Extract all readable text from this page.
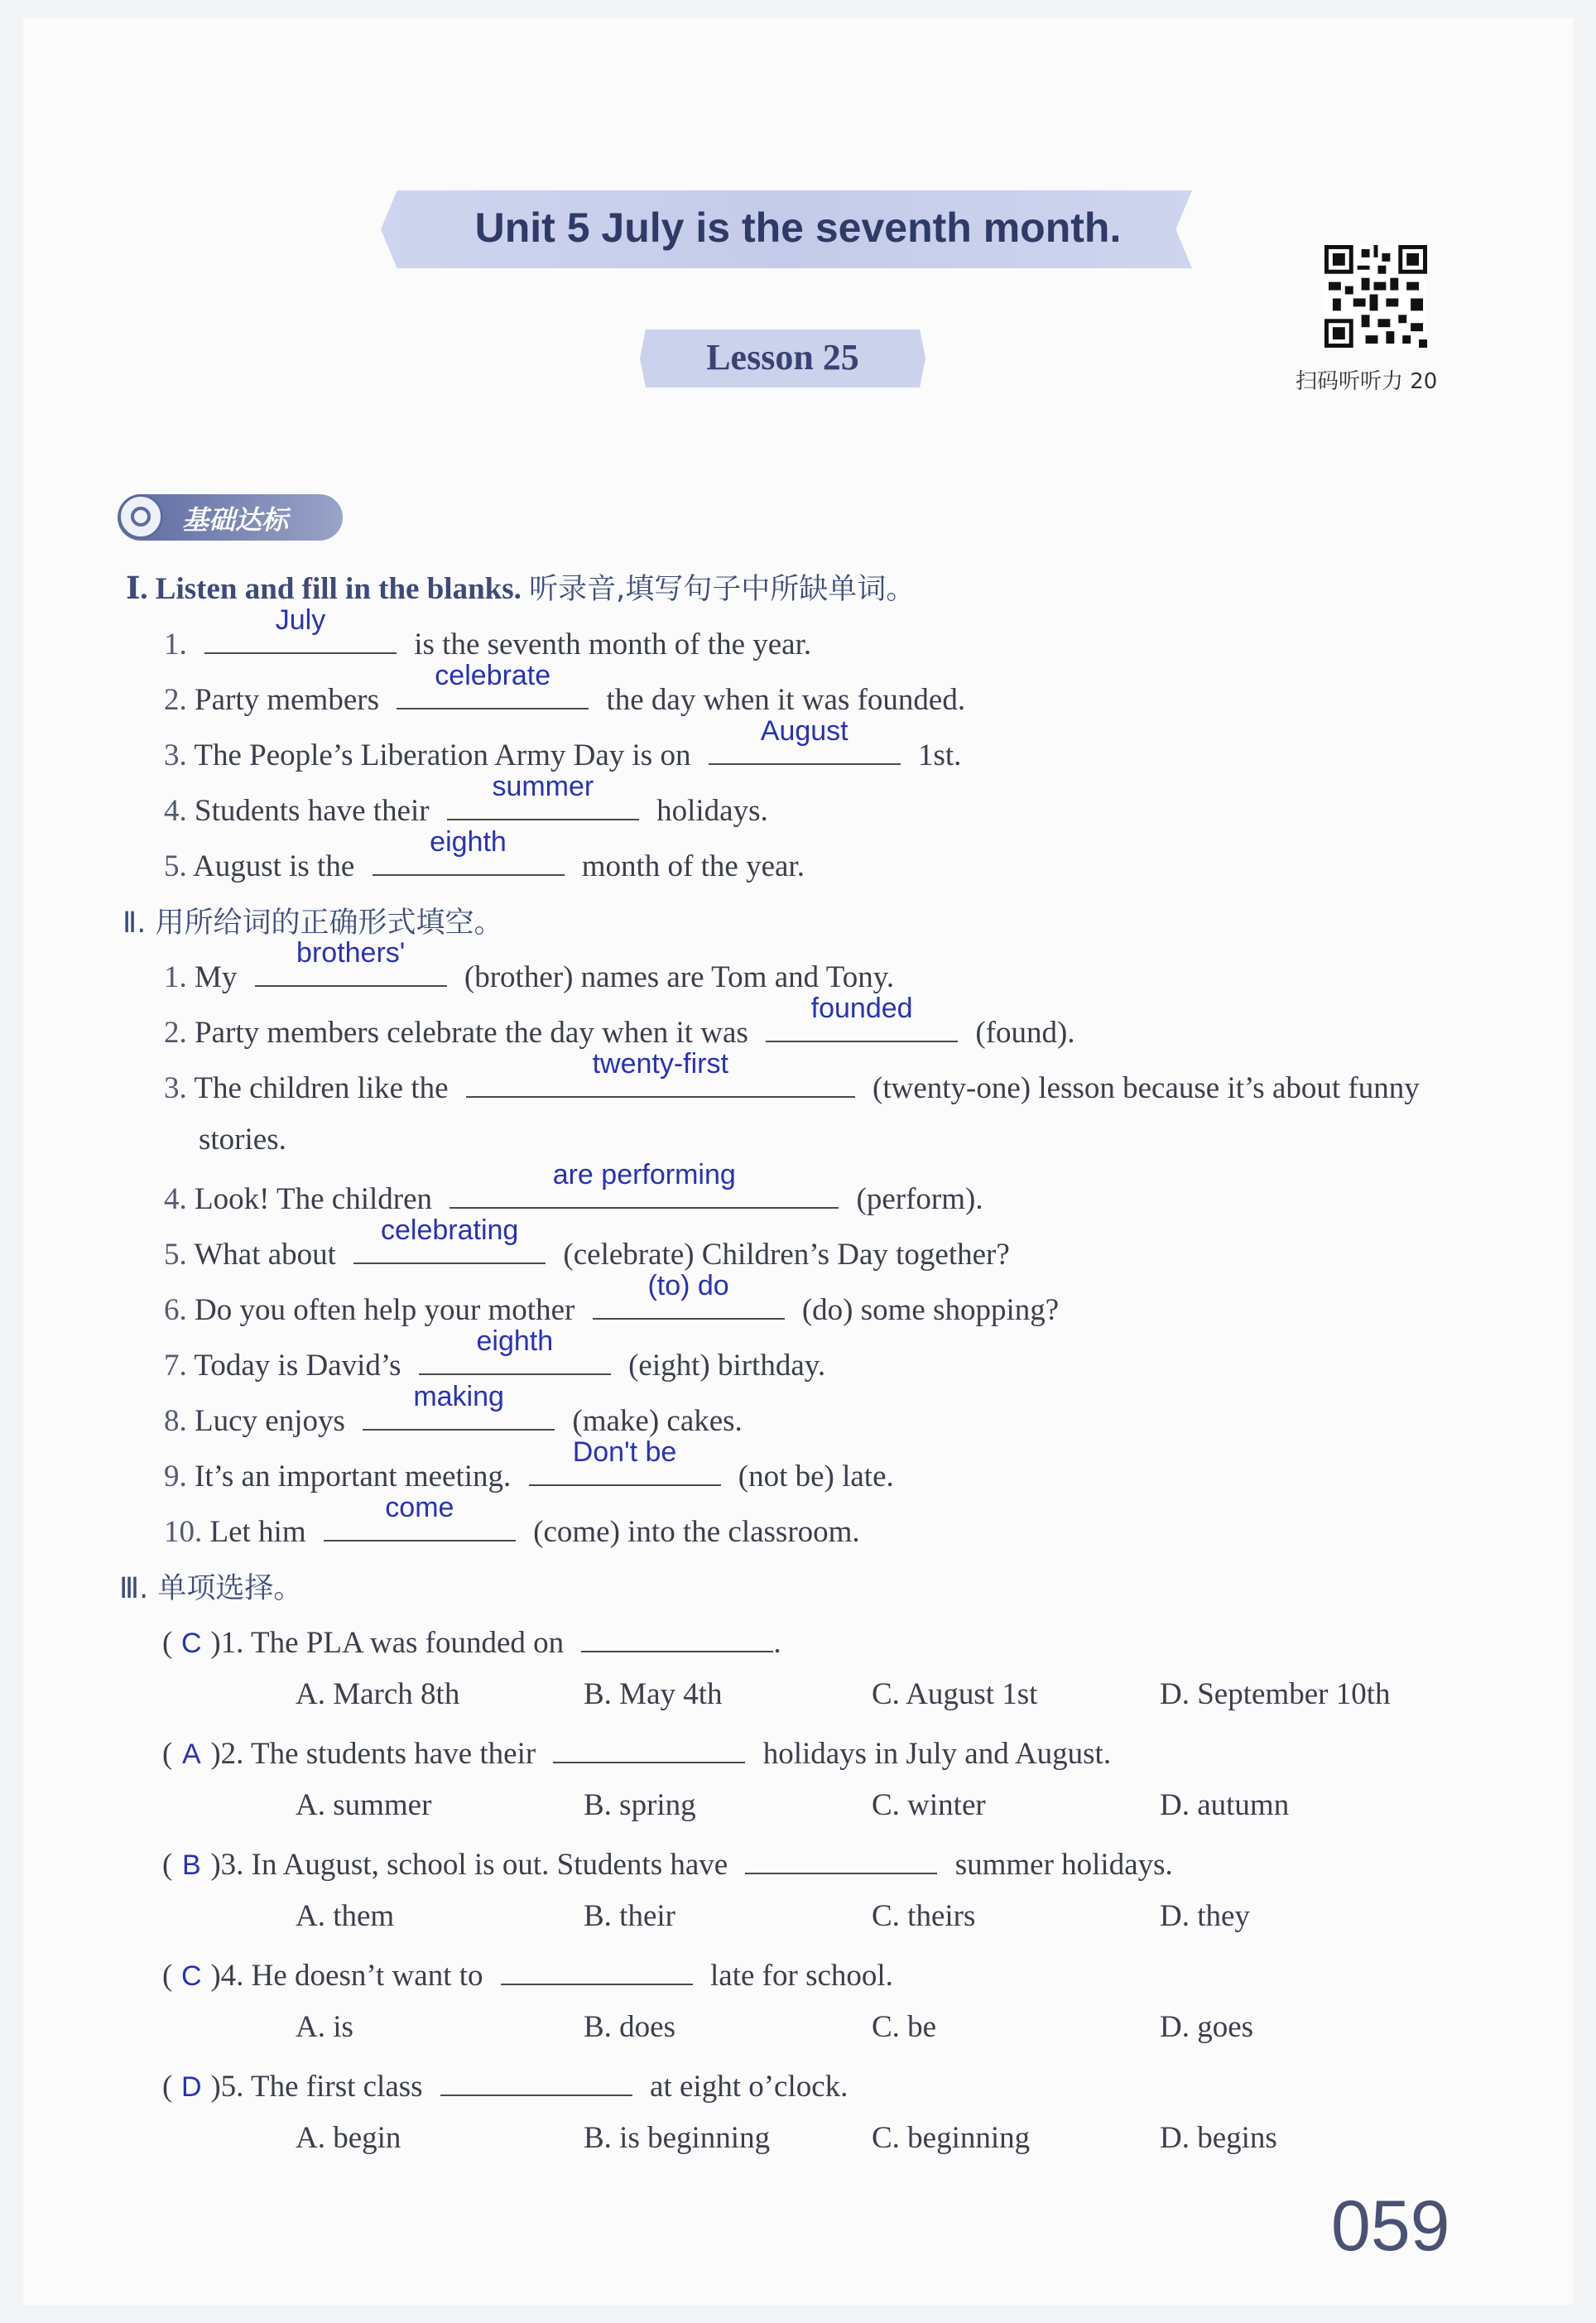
Unit 5 July is the seventh month.
Lesson 25
扫码听听力 20
基础达标
Ⅰ. Listen and fill in the blanks. 听录音,填写句子中所缺单词。
1.
July
is the seventh month of the year.
2. Party members
celebrate
the day when it was founded.
3. The People’s Liberation Army Day is on
August
1st.
4. Students have their
summer
holidays.
5. August is the
eighth
month of the year.
Ⅱ. 用所给词的正确形式填空。
1. My
brothers'
(brother) names are Tom and Tony.
2. Party members celebrate the day when it was
founded
(found).
3. The children like the
twenty-first
(twenty-one) lesson because it’s about funny
stories.
4. Look! The children
are performing
(perform).
5. What about
celebrating
(celebrate) Children’s Day together?
6. Do you often help your mother
(to) do
(do) some shopping?
7. Today is David’s
eighth
(eight) birthday.
8. Lucy enjoys
making
(make) cakes.
9. It’s an important meeting.
Don't be
(not be) late.
10. Let him
come
(come) into the classroom.
Ⅲ. 单项选择。
( C )1. The PLA was founded on	.
A. March 8th	B. May 4th	C. August 1st	D. September 10th
( A )2. The students have their	holidays in July and August.
A. summer	B. spring	C. winter	D. autumn
( B )3. In August, school is out. Students have	summer holidays.
A. them	B. their	C. theirs	D. they
( C )4. He doesn’t want to	late for school.
A. is	B. does	C. be	D. goes
( D )5. The first class	at eight o’clock.
A. begin	B. is beginning	C. beginning	D. begins
059
